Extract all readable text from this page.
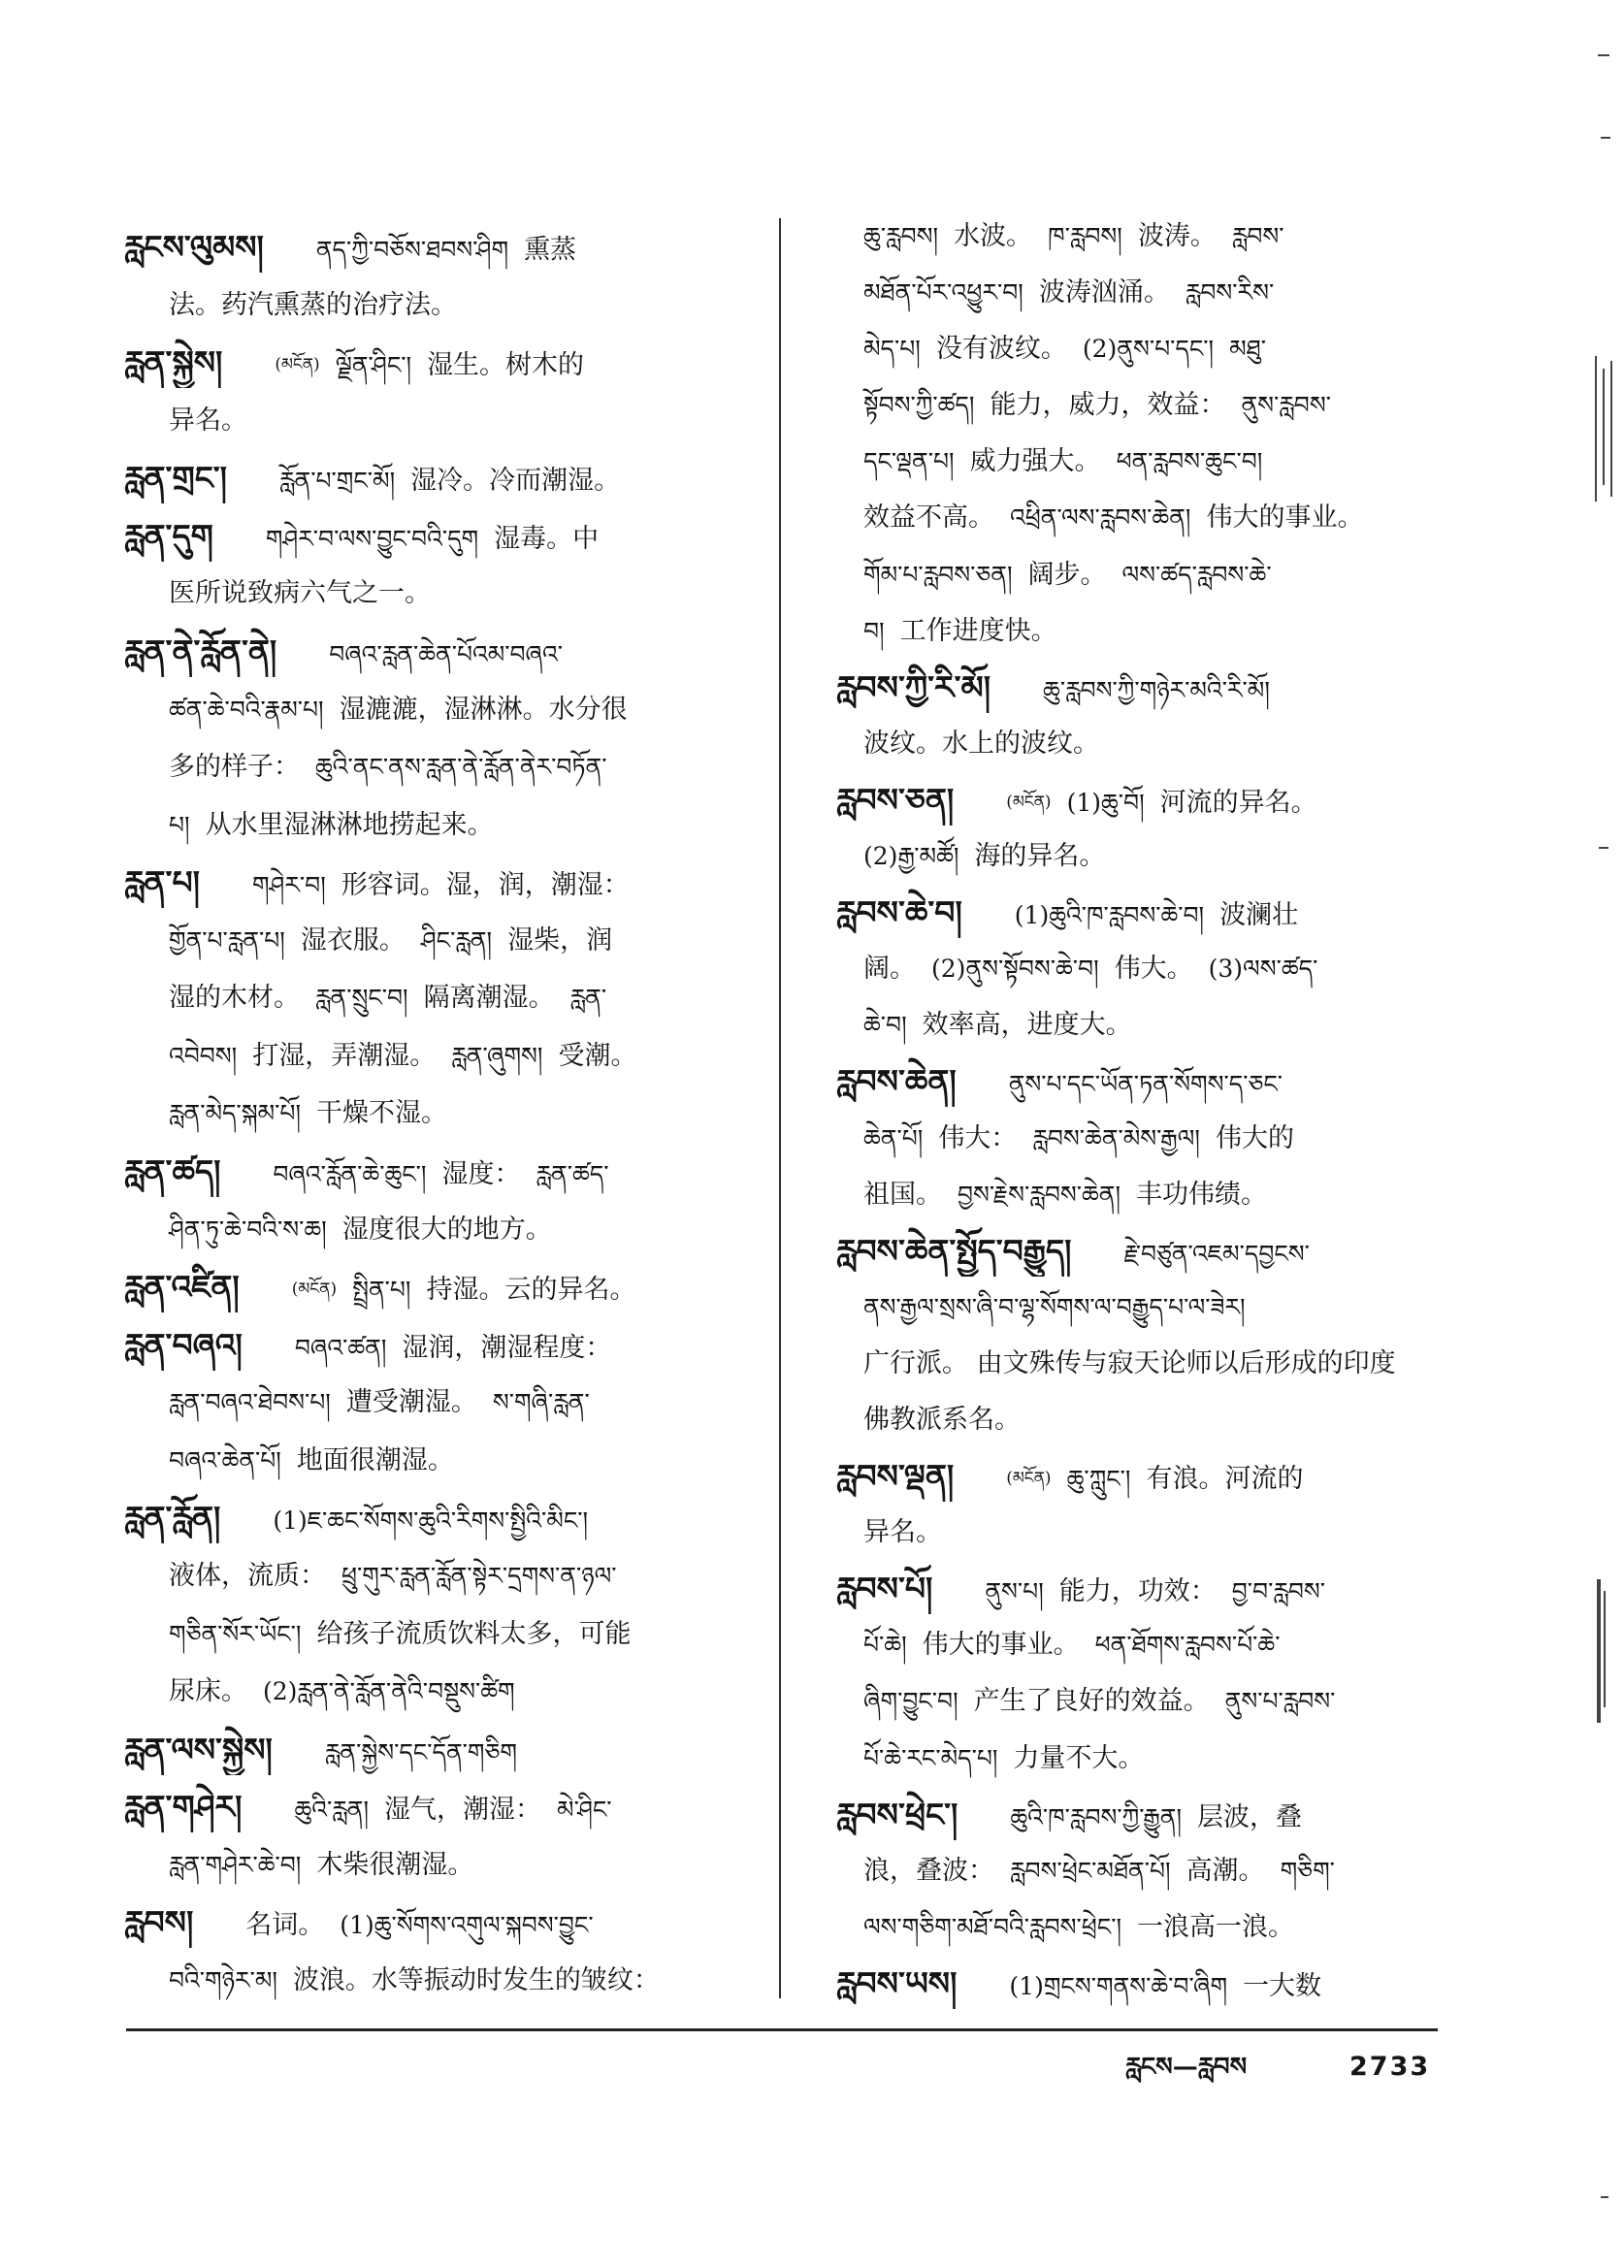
རླངས་ལུམས། ནད་ཀྱི་བཅོས་ཐབས་ཤིག 熏蒸
法。药汽熏蒸的治疗法。
རླན་སྐྱེས།	(མངོན) ལྗོན་ཤིང་། 湿生。树木的
异名。
རླན་གྲང་། རློན་པ་གྲང་མོ། 湿冷。冷而潮湿。
རླན་དུག གཤེར་བ་ལས་བྱུང་བའི་དུག 湿毒。中
医所说致病六气之一。
རླན་ནེ་རློན་ནེ། བཞའ་རླན་ཆེན་པོའམ་བཞའ་
ཚན་ཆེ་བའི་རྣམ་པ། 湿漉漉，湿淋淋。水分很
多的样子： ཆུའི་ནང་ནས་རླན་ནེ་རློན་ནེར་བཏོན་
པ། 从水里湿淋淋地捞起来。
རླན་པ། གཤེར་བ། 形容词。湿，润，潮湿：
གྱོན་པ་རླན་པ། 湿衣服。 ཤིང་རླན། 湿柴，润
湿的木材。 རླན་སྲུང་བ། 隔离潮湿。 རླན་
འབེབས། 打湿，弄潮湿。 རླན་ཞུགས། 受潮。
རླན་མེད་སྐམ་པོ། 干燥不湿。
རླན་ཚད། བཞའ་རློན་ཆེ་ཆུང་། 湿度： རླན་ཚད་
ཤིན་ཏུ་ཆེ་བའི་ས་ཆ། 湿度很大的地方。
རླན་འཛིན།	(མངོན) སྤྲིན་པ། 持湿。云的异名。
རླན་བཞའ། བཞའ་ཚན། 湿润，潮湿程度：
རླན་བཞའ་ཐེབས་པ། 遭受潮湿。 ས་གཞི་རླན་
བཞའ་ཆེན་པོ། 地面很潮湿。
རླན་རློན། (1)ཇ་ཆང་སོགས་ཆུའི་རིགས་སྤྱིའི་མིང་།
液体，流质： ཕྲུ་གུར་རླན་རློན་སྟེར་དྲགས་ན་ཉལ་
གཅིན་སོར་ཡོང་། 给孩子流质饮料太多，可能
尿床。 (2)རླན་ནེ་རློན་ནེའི་བསྡུས་ཚིག
རླན་ལས་སྐྱེས། རླན་སྐྱེས་དང་དོན་གཅིག
རླན་གཤེར། ཆུའི་རླན། 湿气，潮湿： མེ་ཤིང་
རླན་གཤེར་ཆེ་བ། 木柴很潮湿。
རླབས། 名词。 (1)ཆུ་སོགས་འགུལ་སྐབས་བྱུང་
བའི་གཉེར་མ། 波浪。水等振动时发生的皱纹：
ཆུ་རླབས། 水波。 ཁ་རླབས། 波涛。 རླབས་
མཐོན་པོར་འཕྱུར་བ། 波涛汹涌。 རླབས་རིས་
མེད་པ། 没有波纹。 (2)ནུས་པ་དང་། མཐུ་
སྟོབས་ཀྱི་ཚད། 能力，威力，效益： ནུས་རླབས་
དང་ལྡན་པ། 威力强大。 ཕན་རླབས་ཆུང་བ།
效益不高。 འཕྲིན་ལས་རླབས་ཆེན། 伟大的事业。
གོམ་པ་རླབས་ཅན། 阔步。 ལས་ཚད་རླབས་ཆེ་
བ། 工作进度快。
རླབས་ཀྱི་རི་མོ། ཆུ་རླབས་ཀྱི་གཉེར་མའི་རི་མོ།
波纹。水上的波纹。
རླབས་ཅན།	(མངོན) (1)ཆུ་བོ། 河流的异名。
(2)རྒྱ་མཚོ། 海的异名。
རླབས་ཆེ་བ། (1)ཆུའི་ཁ་རླབས་ཆེ་བ། 波澜壮
阔。 (2)ནུས་སྟོབས་ཆེ་བ། 伟大。 (3)ལས་ཚད་
ཆེ་བ། 效率高，进度大。
རླབས་ཆེན། ནུས་པ་དང་ཡོན་ཏན་སོགས་ད་ཅང་
ཆེན་པོ། 伟大： རླབས་ཆེན་མེས་རྒྱལ། 伟大的
祖国。 བྱས་རྗེས་རླབས་ཆེན། 丰功伟绩。
རླབས་ཆེན་སྤྱོད་བརྒྱུད། རྗེ་བཙུན་འཇམ་དབྱངས་
ནས་རྒྱལ་སྲས་ཞི་བ་ལྷ་སོགས་ལ་བརྒྱུད་པ་ལ་ཟེར།
广行派。 由文殊传与寂天论师以后形成的印度
佛教派系名。
རླབས་ལྡན།	(མངོན) ཆུ་ཀླུང་། 有浪。河流的
异名。
རླབས་པོ། ནུས་པ། 能力，功效： བྱ་བ་རླབས་
པོ་ཆེ། 伟大的事业。 ཕན་ཐོགས་རླབས་པོ་ཆེ་
ཞིག་བྱུང་བ། 产生了良好的效益。 ནུས་པ་རླབས་
པོ་ཆེ་རང་མེད་པ། 力量不大。
རླབས་ཕྲེང་། ཆུའི་ཁ་རླབས་ཀྱི་རྒྱུན། 层波，叠
浪，叠波： རླབས་ཕྲེང་མཐོན་པོ། 高潮。 གཅིག་
ལས་གཅིག་མཐོ་བའི་རླབས་ཕྲེང་། 一浪高一浪。
རླབས་ཡས། (1)གྲངས་གནས་ཆེ་བ་ཞིག 一大数
རླངས—རླབས	2733
